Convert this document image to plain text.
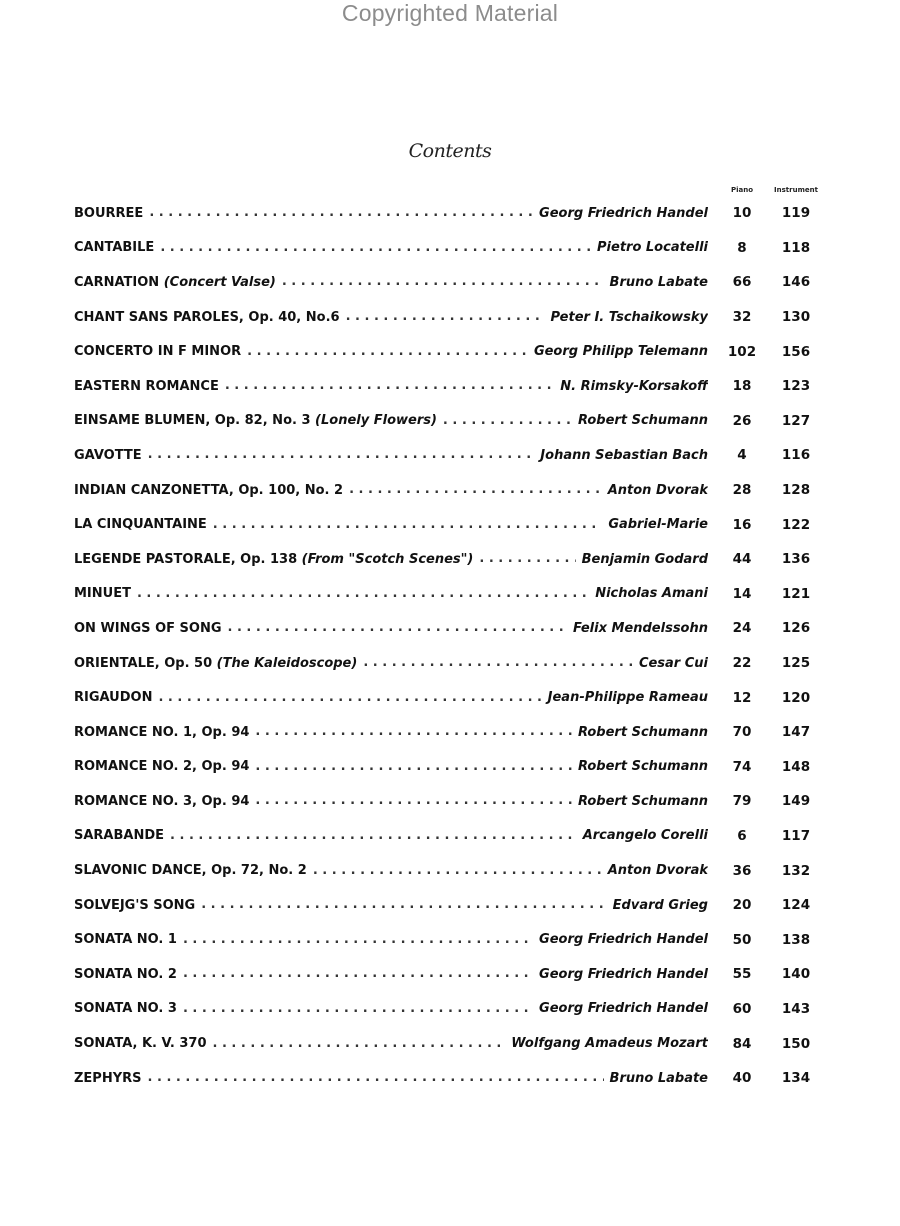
Copyrighted Material
Contents
Piano	Instrument
BOURREE . . .	Georg Friedrich Handel	10	119
CANTABILE . . .	Pietro Locatelli	8	118
CARNATION (Concert Valse) . . .	Bruno Labate	66	146
CHANT SANS PAROLES, Op. 40, No.6 . . .	Peter I. Tschaikowsky	32	130
CONCERTO IN F MINOR . . .	Georg Philipp Telemann 102	156
EASTERN ROMANCE . . .	N. Rimsky-Korsakoff	18	123
EINSAME BLUMEN, Op. 82, No. 3 (Lonely Flowers) . . .	Robert Schumann	26	127
GAVOTTE . . .	Johann Sebastian Bach	4	116
INDIAN CANZONETTA, Op. 100, No. 2 . . .	Anton Dvorak	28	128
LA CINQUANTAINE . . .	Gabriel-Marie	16	122
LEGENDE PASTORALE, Op. 138 (From "Scotch Scenes") . . .	Benjamin Godard	44	136
MINUET . . .	Nicholas Amani	14	121
ON WINGS OF SONG . . .	Felix Mendelssohn	24	126
ORIENTALE, Op. 50 (The Kaleidoscope) . . .	Cesar Cui	22	125
RIGAUDON . . .	Jean-Philippe Rameau	12	120
ROMANCE NO. 1, Op. 94 . . .	Robert Schumann	70	147
ROMANCE NO. 2, Op. 94 . . .	Robert Schumann	74	148
ROMANCE NO. 3, Op. 94 . . .	Robert Schumann	79	149
SARABANDE . . .	Arcangelo Corelli	6	117
SLAVONIC DANCE, Op. 72, No. 2 . . .	Anton Dvorak	36	132
SOLVEJG'S SONG . . .	Edvard Grieg	20	124
SONATA NO. 1 . . .	Georg Friedrich Handel	50	138
SONATA NO. 2 . . .	Georg Friedrich Handel	55	140
SONATA NO. 3 . . .	Georg Friedrich Handel	60	143
SONATA, K. V. 370 . . .	Wolfgang Amadeus Mozart	84	150
ZEPHYRS . . .	Bruno Labate	40	134
